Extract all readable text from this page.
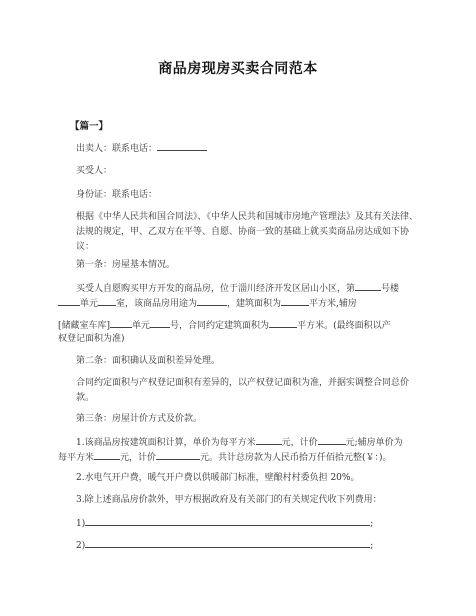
商品房现房买卖合同范本
【篇一】
出卖人：联系电话：
买受人：
身份证：联系电话：
根据《中华人民共和国合同法》、《中华人民共和国城市房地产管理法》及其有关法律、法规的规定，甲、乙双方在平等、自愿、协商一致的基础上就买卖商品房达成如下协议：
第一条：房屋基本情况。
买受人自愿购买甲方开发的商品房，位于淄川经济开发区居山小区，第	号楼
单元 室，该商品房用途为	，建筑面积为	平方米,辅房
[储藏室车库] 单元 号，合同约定建筑面积为	平方米。(最终面积以产
权登记面积为准)
第二条：面积确认及面积差异处理。
合同约定面积与产权登记面积有差异的，以产权登记面积为准，并据实调整合同总价款。
第三条：房屋计价方式及价款。
1.该商品房按建筑面积计算，单价为每平方米	元，计价	元;辅房单价为
每平方米	元，计价	元。共计总房款为人民币拾万仟佰拾元整(￥：)。
2.水电气开户费，暖气开户费以供暖部门标准，壁酿村村委负担 20%。
3.除上述商品房价款外，甲方根据政府及有关部门的有关规定代收下列费用：
1)	;
2)	;
